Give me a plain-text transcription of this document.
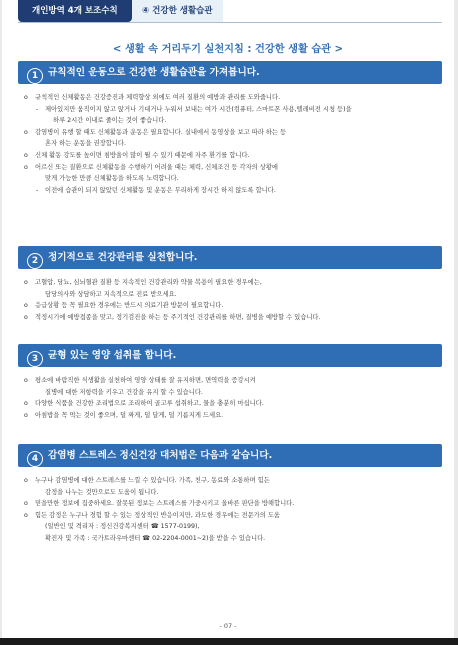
개인방역 4개 보조수칙	④ 건강한 생활습관
< 생활 속 거리두기 실천지침 : 건강한 생활 습관 >
1 규칙적인 운동으로 건강한 생활습관을 가져봅니다.
o 규칙적인 신체활동은 건강증진과 체력향상 외에도 여러 질환의 예방과 관리를 도와줍니다.
- 제아있지만 움직이지 않고 앉거나 기대거나 누워서 보내는 여가 시간(컴퓨터, 스마트폰 사용,텔레비전 시청 등)을
하루 2시간 이내로 줄이는 것이 좋습니다.
o 감염병이 유행 할 때도 신체활동과 운동은 필요합니다. 실내에서 동영상을 보고 따라 하는 등
혼자 하는 운동을 권장합니다.
o 신체 활동 강도를 높이면 침방울이 많이 튈 수 있기 때문에 자주 환기를 합니다.
o 어르신 또는 질환으로 신체활동을 수행하기 어려울 때는 체력, 신체조건 등 각자의 상황에
맞게 가능한 만큼 신체활동을 하도록 노력합니다.
- 이전에 습관이 되지 않았던 신체활동 및 운동은 무리하게 장시간 하지 않도록 합니다.
2 정기적으로 건강관리를 실천합니다.
o 고혈압, 당뇨, 심뇌혈관 질환 등 지속적인 건강관리와 약물 복용이 필요한 경우에는,
담당의사와 상담하고 지속적으로 진료 받으세요.
o 응급상황 등 꼭 필요한 경우에는 반드시 의료기관 방문이 필요합니다.
o 적정시기에 예방접종을 맞고, 정기검진을 하는 등 주기적인 건강관리를 하면, 질병을 예방할 수 있습니다.
3 균형 있는 영양 섭취를 합니다.
o 평소에 바람직한 식생활을 실천하여 영양 상태를 잘 유지하면, 면역력을 증강시켜
질병에 대한 저항력을 키우고 건강을 유지 할 수 있습니다.
o 다양한 식품을 건강한 조리법으로 조리하여 골고루 섭취하고, 물을 충분히 마십니다.
o 아침밥을 꼭 먹는 것이 좋으며, 덜 짜게, 덜 달게, 덜 기름지게 드세요.
4 감염병 스트레스 정신건강 대처법은 다음과 같습니다.
o 누구나 감염병에 대한 스트레스를 느낄 수 있습니다. 가족, 친구, 동료와 소통하며 힘든
감정을 나누는 것만으로도 도움이 됩니다.
o 믿을만한 정보에 집중하세요. 잘못된 정보는 스트레스를 가중시키고 올바른 판단을 방해합니다.
o 힘든 감정은 누구나 경험 할 수 있는 정상적인 반응이지만, 과도한 경우에는 전문가의 도움
(일반인 및 격리자 : 정신건강복지센터 ☎ 1577-0199),
확진자 및 가족 : 국가트라우마센터 ☎ 02-2204-0001~2)을 받을 수 있습니다.
- 07 -
